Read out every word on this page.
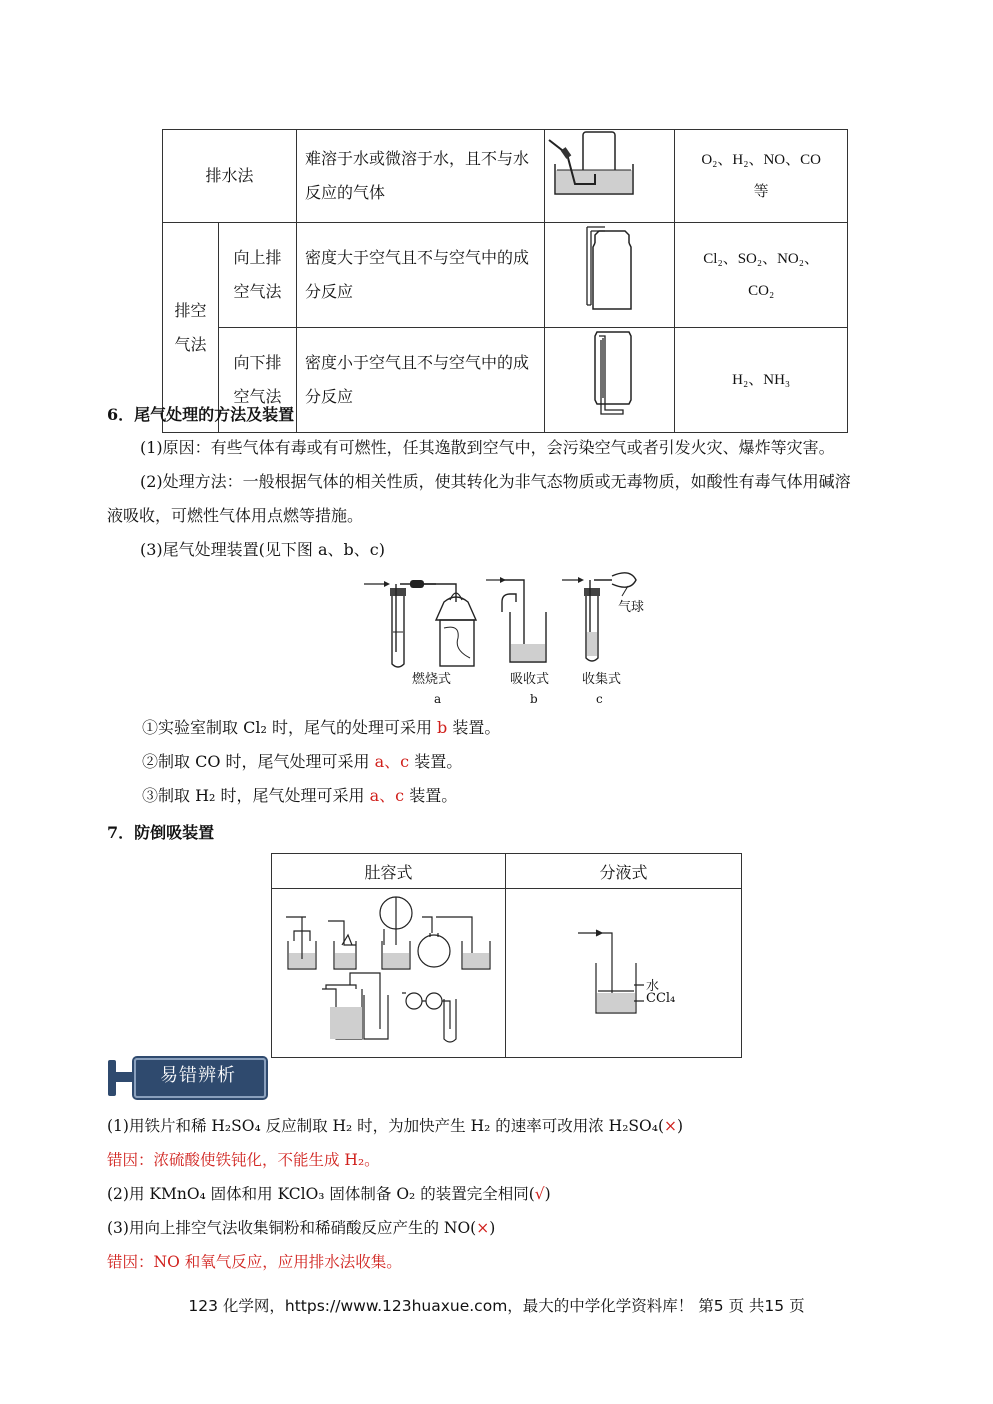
排水法		难溶于水或微溶于水，且不与水反应的气体		O₂、H₂、NO、CO
等

排空气法	向上排空气法	密度大于空气且不与空气中的成分反应		Cl₂、SO₂、NO₂、
CO₂

	向下排空气法	密度小于空气且不与空气中的成分反应		H₂、NH₃
6．尾气处理的方法及装置
(1)原因：有些气体有毒或有可燃性，任其逸散到空气中，会污染空气或者引发火灾、爆炸等灾害。
(2)处理方法：一般根据气体的相关性质，使其转化为非气态物质或无毒物质，如酸性有毒气体用碱溶
液吸收，可燃性气体用点燃等措施。
(3)尾气处理装置(见下图 a、b、c)
气球
燃烧式	吸收式	收集式
a	b	c
①实验室制取 Cl₂ 时，尾气的处理可采用 b 装置。
②制取 CO 时，尾气处理可采用 a、c 装置。
③制取 H₂ 时，尾气处理可采用 a、c 装置。
7．防倒吸装置
肚容式	分液式

水
CCl₄
易错辨析
(1)用铁片和稀 H₂SO₄ 反应制取 H₂ 时，为加快产生 H₂ 的速率可改用浓 H₂SO₄(×)
错因：浓硫酸使铁钝化，不能生成 H₂。
(2)用 KMnO₄ 固体和用 KClO₃ 固体制备 O₂ 的装置完全相同(√)
(3)用向上排空气法收集铜粉和稀硝酸反应产生的 NO(×)
错因：NO 和氧气反应，应用排水法收集。
123 化学网，https://www.123huaxue.com，最大的中学化学资料库！ 第5 页 共15 页
